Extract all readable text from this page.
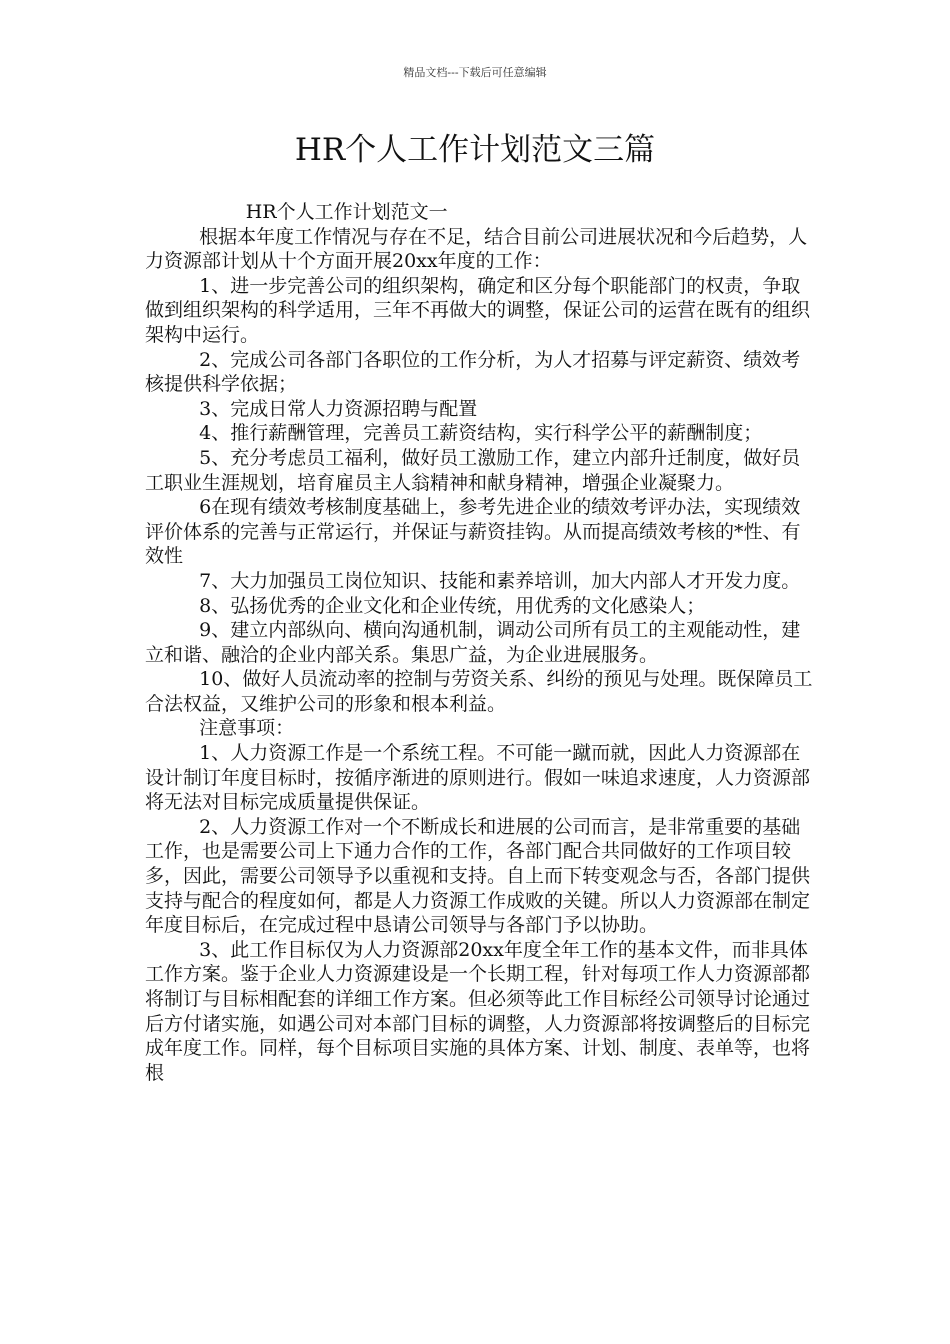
精品文档---下载后可任意编辑
HR个人工作计划范文三篇

HR个人工作计划范文一

根据本年度工作情况与存在不足，结合目前公司进展状况和今后趋势，人力资源部计划从十个方面开展20xx年度的工作：

1、进一步完善公司的组织架构，确定和区分每个职能部门的权责，争取做到组织架构的科学适用，三年不再做大的调整，保证公司的运营在既有的组织架构中运行。

2、完成公司各部门各职位的工作分析，为人才招募与评定薪资、绩效考核提供科学依据；

3、完成日常人力资源招聘与配置

4、推行薪酬管理，完善员工薪资结构，实行科学公平的薪酬制度；

5、充分考虑员工福利，做好员工激励工作，建立内部升迁制度，做好员工职业生涯规划，培育雇员主人翁精神和献身精神，增强企业凝聚力。

6在现有绩效考核制度基础上，参考先进企业的绩效考评办法，实现绩效评价体系的完善与正常运行，并保证与薪资挂钩。从而提高绩效考核的*性、有效性

7、大力加强员工岗位知识、技能和素养培训，加大内部人才开发力度。

8、弘扬优秀的企业文化和企业传统，用优秀的文化感染人；

9、建立内部纵向、横向沟通机制，调动公司所有员工的主观能动性，建立和谐、融洽的企业内部关系。集思广益，为企业进展服务。

10、做好人员流动率的控制与劳资关系、纠纷的预见与处理。既保障员工合法权益，又维护公司的形象和根本利益。

注意事项：

1、人力资源工作是一个系统工程。不可能一蹴而就，因此人力资源部在设计制订年度目标时，按循序渐进的原则进行。假如一味追求速度，人力资源部将无法对目标完成质量提供保证。

2、人力资源工作对一个不断成长和进展的公司而言，是非常重要的基础工作，也是需要公司上下通力合作的工作，各部门配合共同做好的工作项目较多，因此，需要公司领导予以重视和支持。自上而下转变观念与否，各部门提供支持与配合的程度如何，都是人力资源工作成败的关键。所以人力资源部在制定年度目标后，在完成过程中恳请公司领导与各部门予以协助。

3、此工作目标仅为人力资源部20xx年度全年工作的基本文件，而非具体工作方案。鉴于企业人力资源建设是一个长期工程，针对每项工作人力资源部都将制订与目标相配套的详细工作方案。但必须等此工作目标经公司领导讨论通过后方付诸实施，如遇公司对本部门目标的调整，人力资源部将按调整后的目标完成年度工作。同样，每个目标项目实施的具体方案、计划、制度、表单等，也将根
